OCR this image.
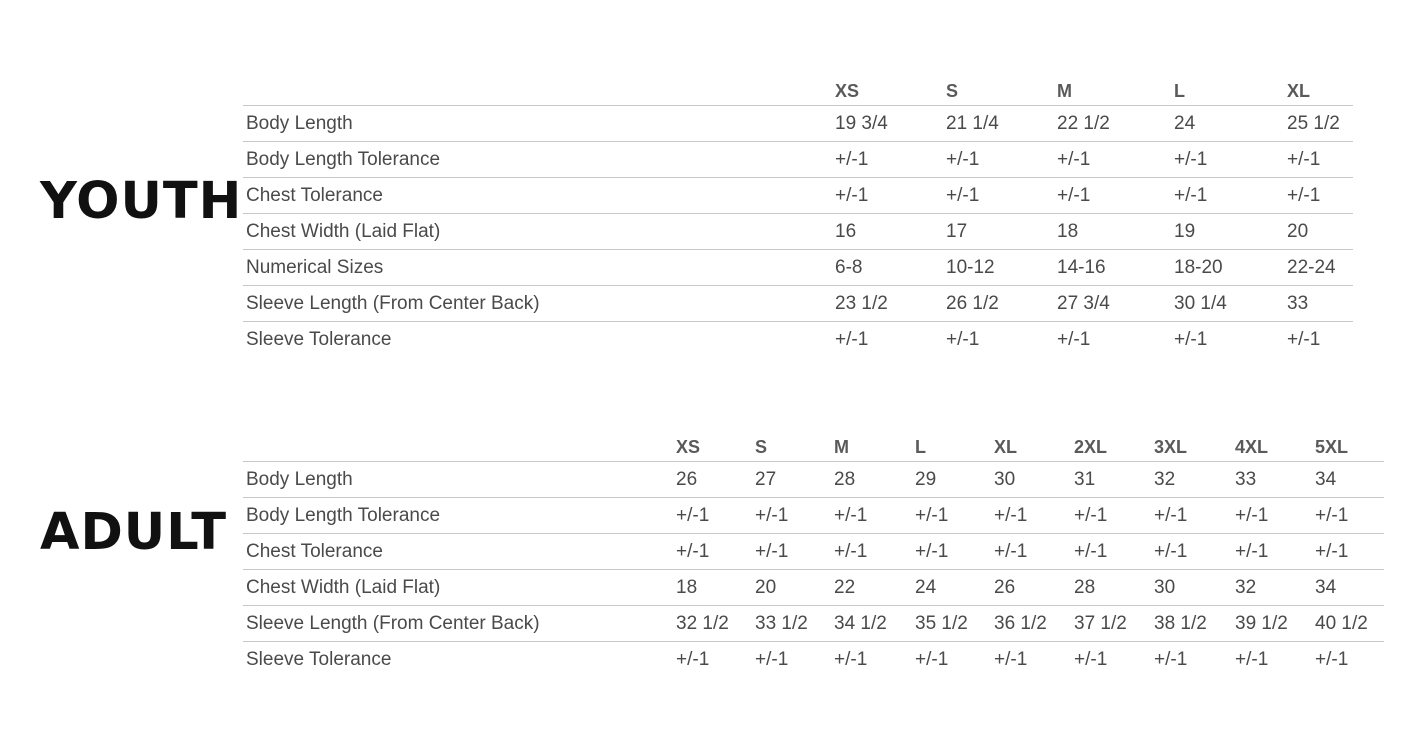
YOUTH
	XS	S	M	L	XL
Body Length	19 3/4	21 1/4	22 1/2	24	25 1/2
Body Length Tolerance	+/-1	+/-1	+/-1	+/-1	+/-1
Chest Tolerance	+/-1	+/-1	+/-1	+/-1	+/-1
Chest Width (Laid Flat)	16	17	18	19	20
Numerical Sizes	6-8	10-12	14-16	18-20	22-24
Sleeve Length (From Center Back)	23 1/2	26 1/2	27 3/4	30 1/4	33
Sleeve Tolerance	+/-1	+/-1	+/-1	+/-1	+/-1
ADULT
	XS	S	M	L	XL	2XL	3XL	4XL	5XL
Body Length	26	27	28	29	30	31	32	33	34
Body Length Tolerance	+/-1	+/-1	+/-1	+/-1	+/-1	+/-1	+/-1	+/-1	+/-1
Chest Tolerance	+/-1	+/-1	+/-1	+/-1	+/-1	+/-1	+/-1	+/-1	+/-1
Chest Width (Laid Flat)	18	20	22	24	26	28	30	32	34
Sleeve Length (From Center Back)	32 1/2	33 1/2	34 1/2	35 1/2	36 1/2	37 1/2	38 1/2	39 1/2	40 1/2
Sleeve Tolerance	+/-1	+/-1	+/-1	+/-1	+/-1	+/-1	+/-1	+/-1	+/-1
